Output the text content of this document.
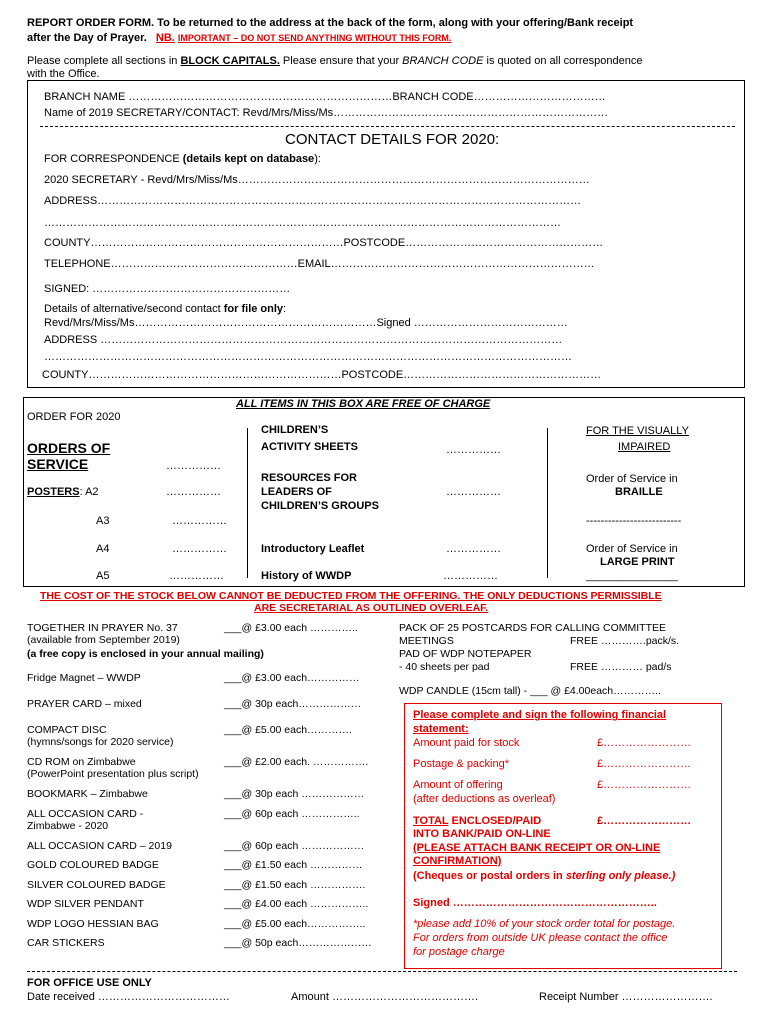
REPORT ORDER FORM. To be returned to the address at the back of the form, along with your offering/Bank receipt
after the Day of Prayer. NB. IMPORTANT – DO NOT SEND ANYTHING WITHOUT THIS FORM.
Please complete all sections in BLOCK CAPITALS. Please ensure that your BRANCH CODE is quoted on all correspondence
with the Office.
BRANCH NAME ………………………………………………………………BRANCH CODE………………………………
Name of 2019 SECRETARY/CONTACT: Revd/Mrs/Miss/Ms…………………………………………………………………
CONTACT DETAILS FOR 2020:
FOR CORRESPONDENCE (details kept on database):
2020 SECRETARY - Revd/Mrs/Miss/Ms……………………………………………………………………………………
ADDRESS……………………………………………………………………………………………………………………
……………………………………………………………………………………………………………………………
COUNTY……………………………………………………………POSTCODE………………………………………………
TELEPHONE……………………………………………EMAIL………………………………………………………………
SIGNED: ………………………………………………
Details of alternative/second contact for file only:
Revd/Mrs/Miss/Ms…………………………………………………………Signed ……………………………………
ADDRESS ………………………………………………………………………………………………………………
………………………………………………………………………………………………………………………………
COUNTY……………………………………………………………POSTCODE………………………………………………
ALL ITEMS IN THIS BOX ARE FREE OF CHARGE
ORDER FOR 2020
ORDERS OF
SERVICE	……………
POSTERS: A2	……………
A3	……………
A4	……………
A5	……………
CHILDREN’S
ACTIVITY SHEETS	……………
RESOURCES FOR
LEADERS OF
CHILDREN’S GROUPS
……………
Introductory Leaflet	……………
History of WWDP	……………
FOR THE VISUALLY
IMPAIRED
Order of Service in
BRAILLE
--------------------------
Order of Service in
LARGE PRINT
_______________
THE COST OF THE STOCK BELOW CANNOT BE DEDUCTED FROM THE OFFERING. THE ONLY DEDUCTIONS PERMISSIBLE
ARE SECRETARIAL AS OUTLINED OVERLEAF.
TOGETHER IN PRAYER No. 37
(available from September 2019)
___@ £3.00 each …………..
Fridge Magnet – WWDP	___@ £3.00 each……………
PRAYER CARD – mixed	___@ 30p each………………
COMPACT DISC
(hymns/songs for 2020 service)
___@ £5.00 each………….
CD ROM on Zimbabwe
(PowerPoint presentation plus script)
___@ £2.00 each. …………….
BOOKMARK – Zimbabwe	___@ 30p each ………………
ALL OCCASION CARD -
Zimbabwe - 2020
___@ 60p each ……………..
ALL OCCASION CARD – 2019	___@ 60p each ………………
GOLD COLOURED BADGE	___@ £1.50 each ……………
SILVER COLOURED BADGE	___@ £1.50 each …………….
WDP SILVER PENDANT	___@ £4.00 each ……………..
WDP LOGO HESSIAN BAG	___@ £5.00 each……………..
CAR STICKERS	___@ 50p each…………………
(a free copy is enclosed in your annual mailing)
PACK OF 25 POSTCARDS FOR CALLING COMMITTEE
MEETINGS	FREE ………….pack/s.
PAD OF WDP NOTEPAPER
- 40 sheets per pad	FREE ………… pad/s
WDP CANDLE (15cm tall) - ___ @ £4.00each…………..
Please complete and sign the following financial
statement:
Amount paid for stock	£……………………
Postage & packing*	£……………………
Amount of offering	£……………………
(after deductions as overleaf)
TOTAL ENCLOSED/PAID	£……………………
INTO BANK/PAID ON-LINE
(PLEASE ATTACH BANK RECEIPT OR ON-LINE
CONFIRMATION)
(Cheques or postal orders in sterling only please.)
Signed ………………………………………………..
*please add 10% of your stock order total for postage.
For orders from outside UK please contact the office
for postage charge
FOR OFFICE USE ONLY
Date received ………………………………	Amount ………………………………….	Receipt Number …………………….
